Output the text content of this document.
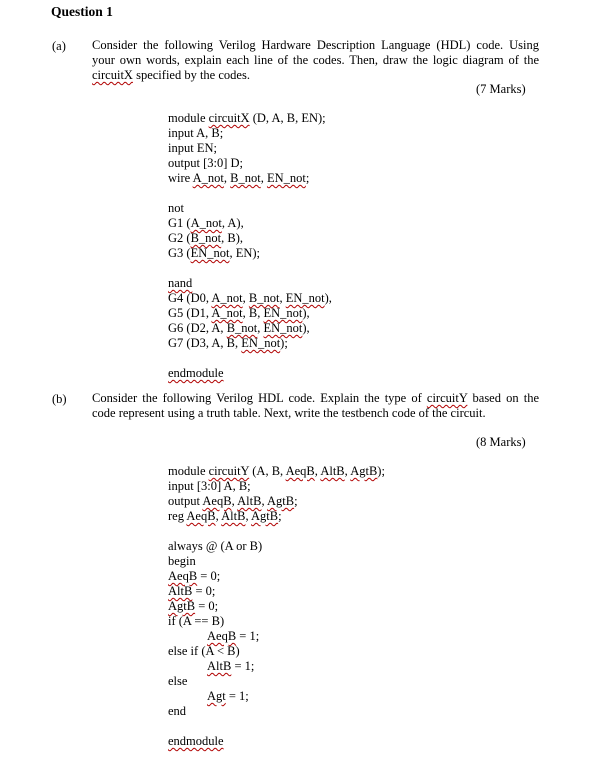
Question 1
(a) Consider the following Verilog Hardware Description Language (HDL) code. Using your own words, explain each line of the codes. Then, draw the logic diagram of the circuitX specified by the codes.
(7 Marks)
module circuitX (D, A, B, EN);
input A, B;
input EN;
output [3:0] D;
wire A_not, B_not, EN_not;
not
G1 (A_not, A),
G2 (B_not, B),
G3 (EN_not, EN);
nand
G4 (D0, A_not, B_not, EN_not),
G5 (D1, A_not, B, EN_not),
G6 (D2, A, B_not, EN_not),
G7 (D3, A, B, EN_not);
endmodule
(b) Consider the following Verilog HDL code. Explain the type of circuitY based on the code represent using a truth table. Next, write the testbench code of the circuit.
(8 Marks)
module circuitY (A, B, AeqB, AltB, AgtB);
input [3:0] A, B;
output AeqB, AltB, AgtB;
reg AeqB, AltB, AgtB;
always @ (A or B)
begin
AeqB = 0;
AltB = 0;
AgtB = 0;
if (A == B)
AeqB = 1;
else if (A < B)
AltB = 1;
else
Agt = 1;
end
endmodule
